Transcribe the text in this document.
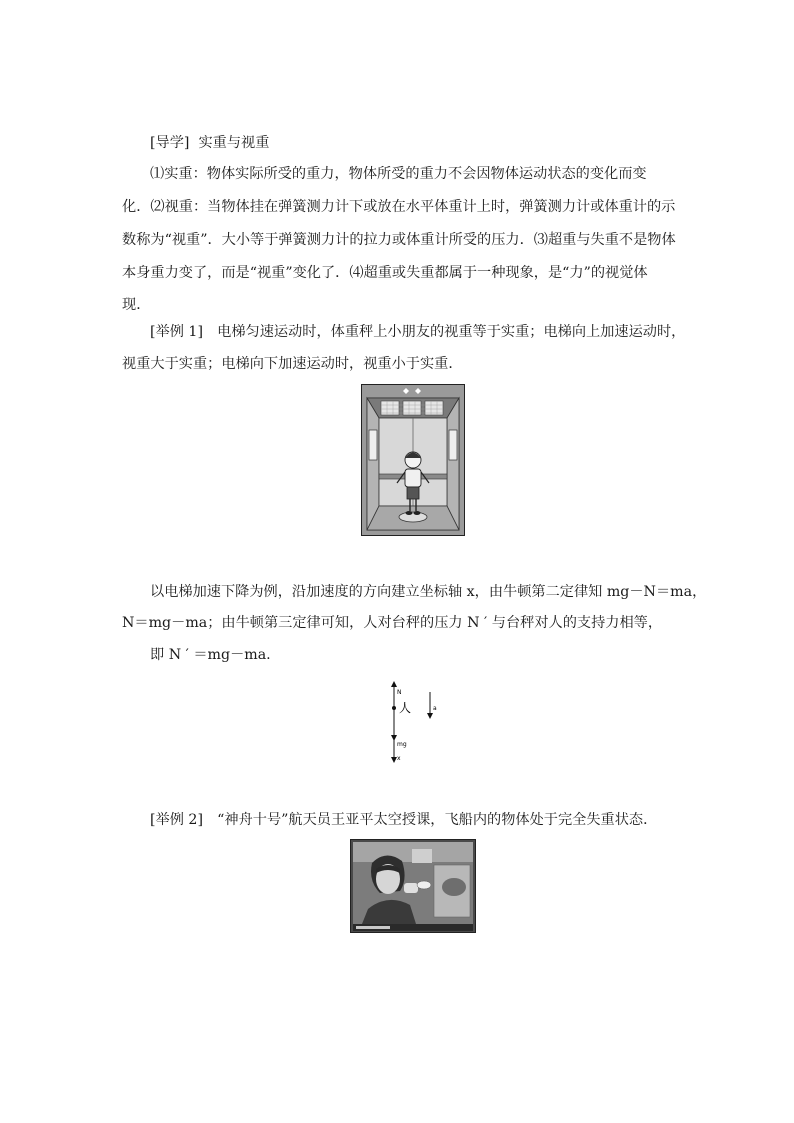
[导学] 实重与视重
⑴实重：物体实际所受的重力，物体所受的重力不会因物体运动状态的变化而变
化．⑵视重：当物体挂在弹簧测力计下或放在水平体重计上时，弹簧测力计或体重计的示
数称为“视重”．大小等于弹簧测力计的拉力或体重计所受的压力．⑶超重与失重不是物体
本身重力变了，而是“视重”变化了．⑷超重或失重都属于一种现象，是“力”的视觉体
现．
[举例 1]　电梯匀速运动时，体重秤上小朋友的视重等于实重；电梯向上加速运动时，
视重大于实重；电梯向下加速运动时，视重小于实重．
以电梯加速下降为例，沿加速度的方向建立坐标轴 x，由牛顿第二定律知 mg－N＝ma，
N＝mg－ma；由牛顿第三定律可知，人对台秤的压力 N ′ 与台秤对人的支持力相等，
即 N ′ ＝mg－ma.
N
人	a
mg
x
[举例 2]　“神舟十号”航天员王亚平太空授课，飞船内的物体处于完全失重状态．
